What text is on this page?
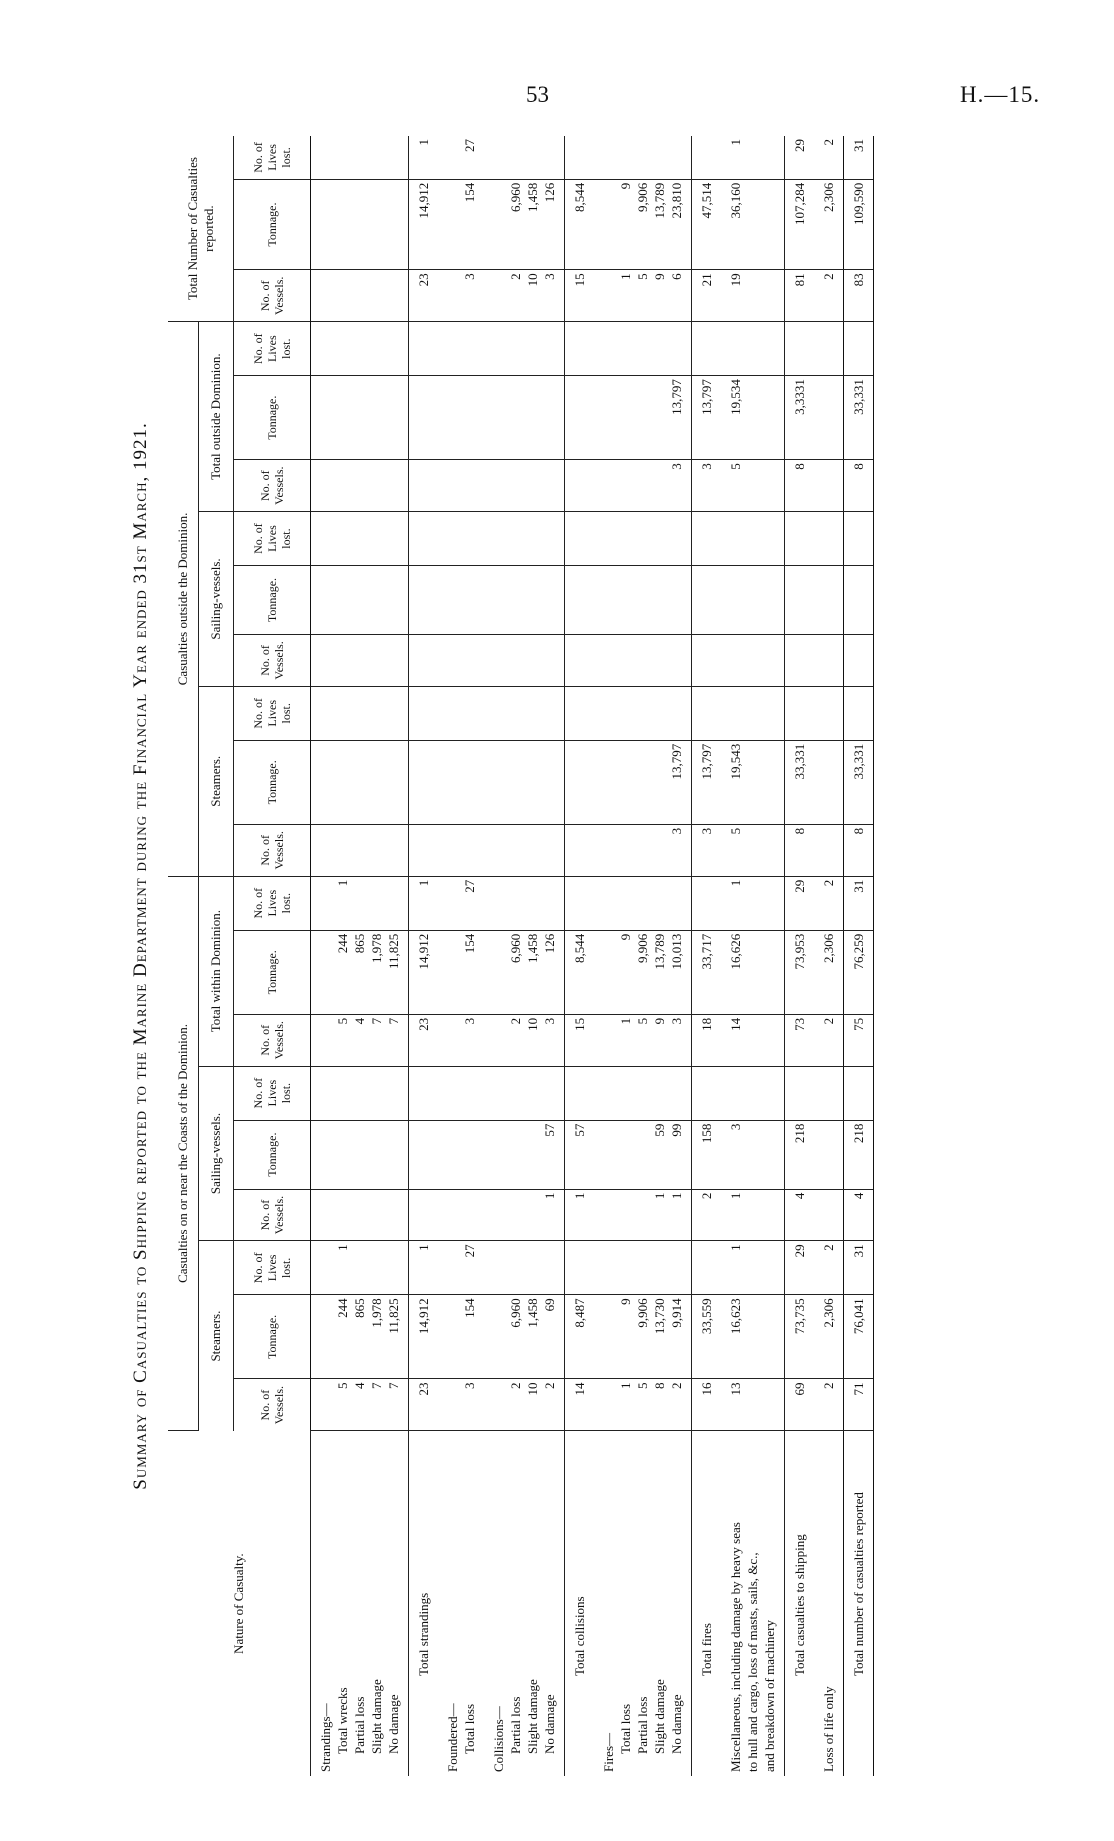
53	H.—15.
Summary of Casualties to Shipping reported to the Marine Department during the Financial Year ended 31st March, 1921.
Nature of Casualty.	Casualties on or near the Coasts of the Dominion.									Casualties outside the Dominion.									Total Number of Casualties reported.		
	Steamers.			Sailing-vessels.			Total within Dominion.			Steamers.			Sailing-vessels.			Total outside Dominion.					
	No. of Vessels.	Tonnage.	No. of Lives lost.	No. of Vessels.	Tonnage.	No. of Lives lost.	No. of Vessels.	Tonnage.	No. of Lives lost.	No. of Vessels.	Tonnage.	No. of Lives lost.	No. of Vessels.	Tonnage.	No. of Lives lost.	No. of Vessels.	Tonnage.	No. of Lives lost.	No. of Vessels.	Tonnage.	No. of Lives lost.

Strandings— Total wrecks Partial loss Slight damage No damage	5 4 7 7	244 865 1,978 11,825	1				5 4 7 7	244 865 1,978 11,825	1												

Total strandings	23	14,912	1				23	14,912	1										23	14,912	1

Foundered— Total loss	3	154	27				3	154	27										3	154	27

Collisions— Partial loss Slight damage No damage	2 10 2	6,960 1,458 69		1	57		2 10 3	6,960 1,458 126											2 10 3	6,960 1,458 126	

Total collisions	14	8,487		1	57		15	8,544											15	8,544	

Fires— Total loss Partial loss Slight damage No damage	1 5 8 2	9 9,906 13,730 9,914		1 1	59 99		1 5 9 3	9 9,906 13,789 10,013		3	13,797					3	13,797		1 5 9 6	9 9,906 13,789 23,810	

Total fires	16	33,559		2	158		18	33,717		3	13,797					3	13,797		21	47,514	

Miscellaneous, including damage by heavy seas to hull and cargo, loss of masts, sails, &c., and breakdown of machinery	13	16,623	1	1	3		14	16,626	1	5	19,543					5	19,534		19	36,160	1

Total casualties to shipping	69	73,735	29	4	218		73	73,953	29	8	33,331					8	3,3331		81	107,284	29

Loss of life only	2	2,306	2				2	2,306	2										2	2,306	2

Total number of casualties reported	71	76,041	31	4	218		75	76,259	31	8	33,331					8	33,331		83	109,590	31
